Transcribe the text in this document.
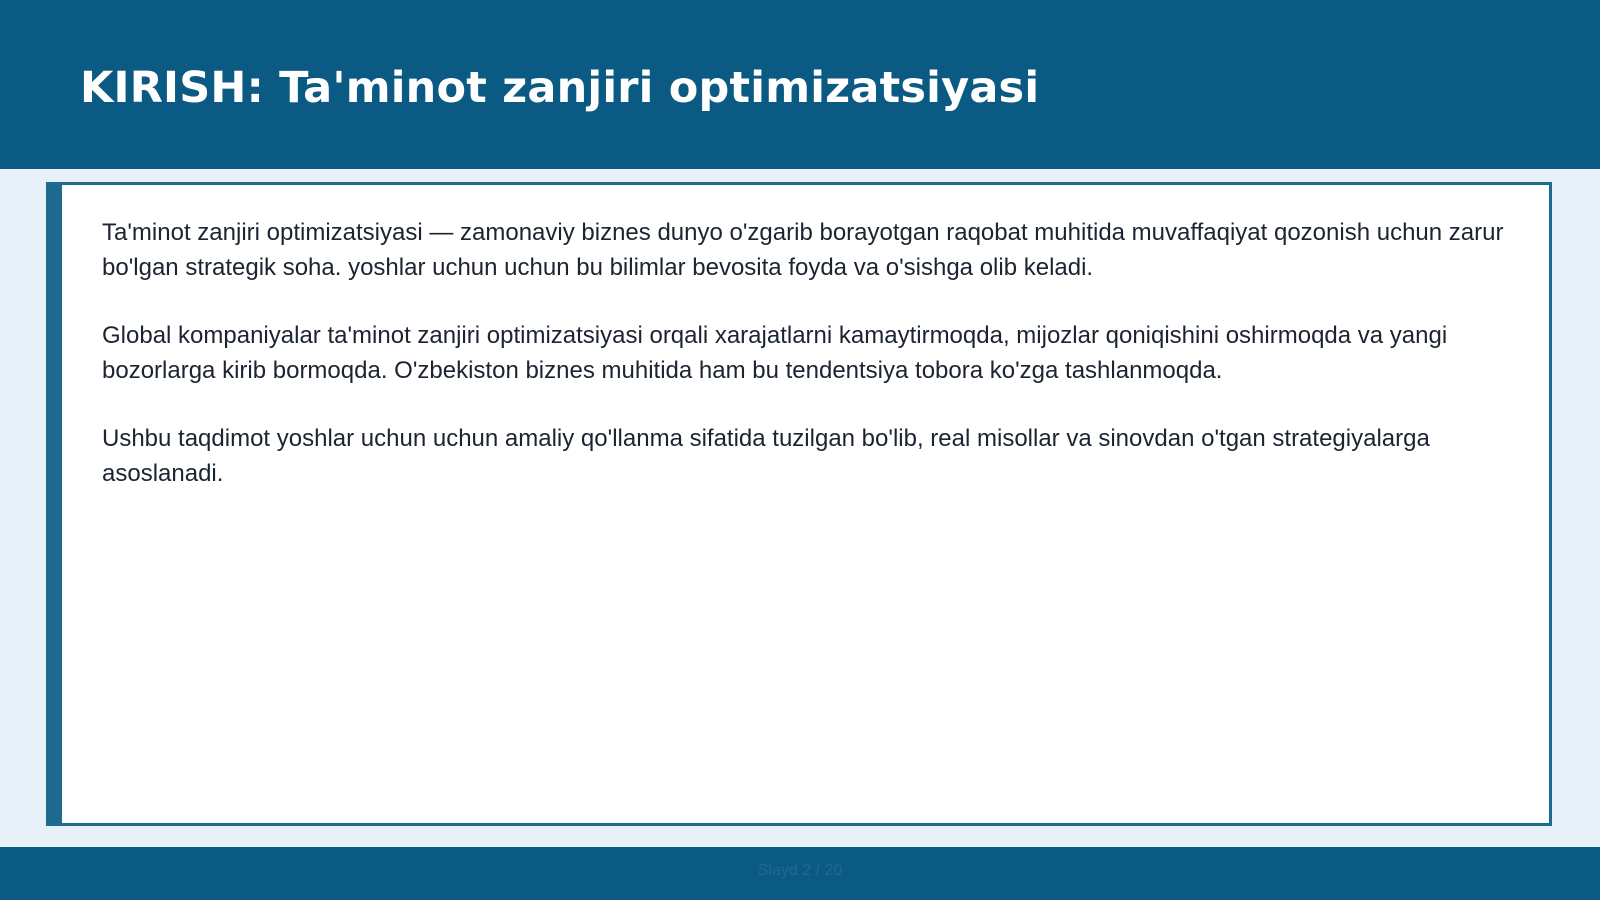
KIRISH: Ta'minot zanjiri optimizatsiyasi

Ta'minot zanjiri optimizatsiyasi — zamonaviy biznes dunyo o'zgarib borayotgan raqobat muhitida muvaffaqiyat qozonish uchun zarur bo'lgan strategik soha. yoshlar uchun uchun bu bilimlar bevosita foyda va o'sishga olib keladi.

Global kompaniyalar ta'minot zanjiri optimizatsiyasi orqali xarajatlarni kamaytirmoqda, mijozlar qoniqishini oshirmoqda va yangi bozorlarga kirib bormoqda. O'zbekiston biznes muhitida ham bu tendentsiya tobora ko'zga tashlanmoqda.

Ushbu taqdimot yoshlar uchun uchun amaliy qo'llanma sifatida tuzilgan bo'lib, real misollar va sinovdan o'tgan strategiyalarga asoslanadi.

Slayd 2 / 20
